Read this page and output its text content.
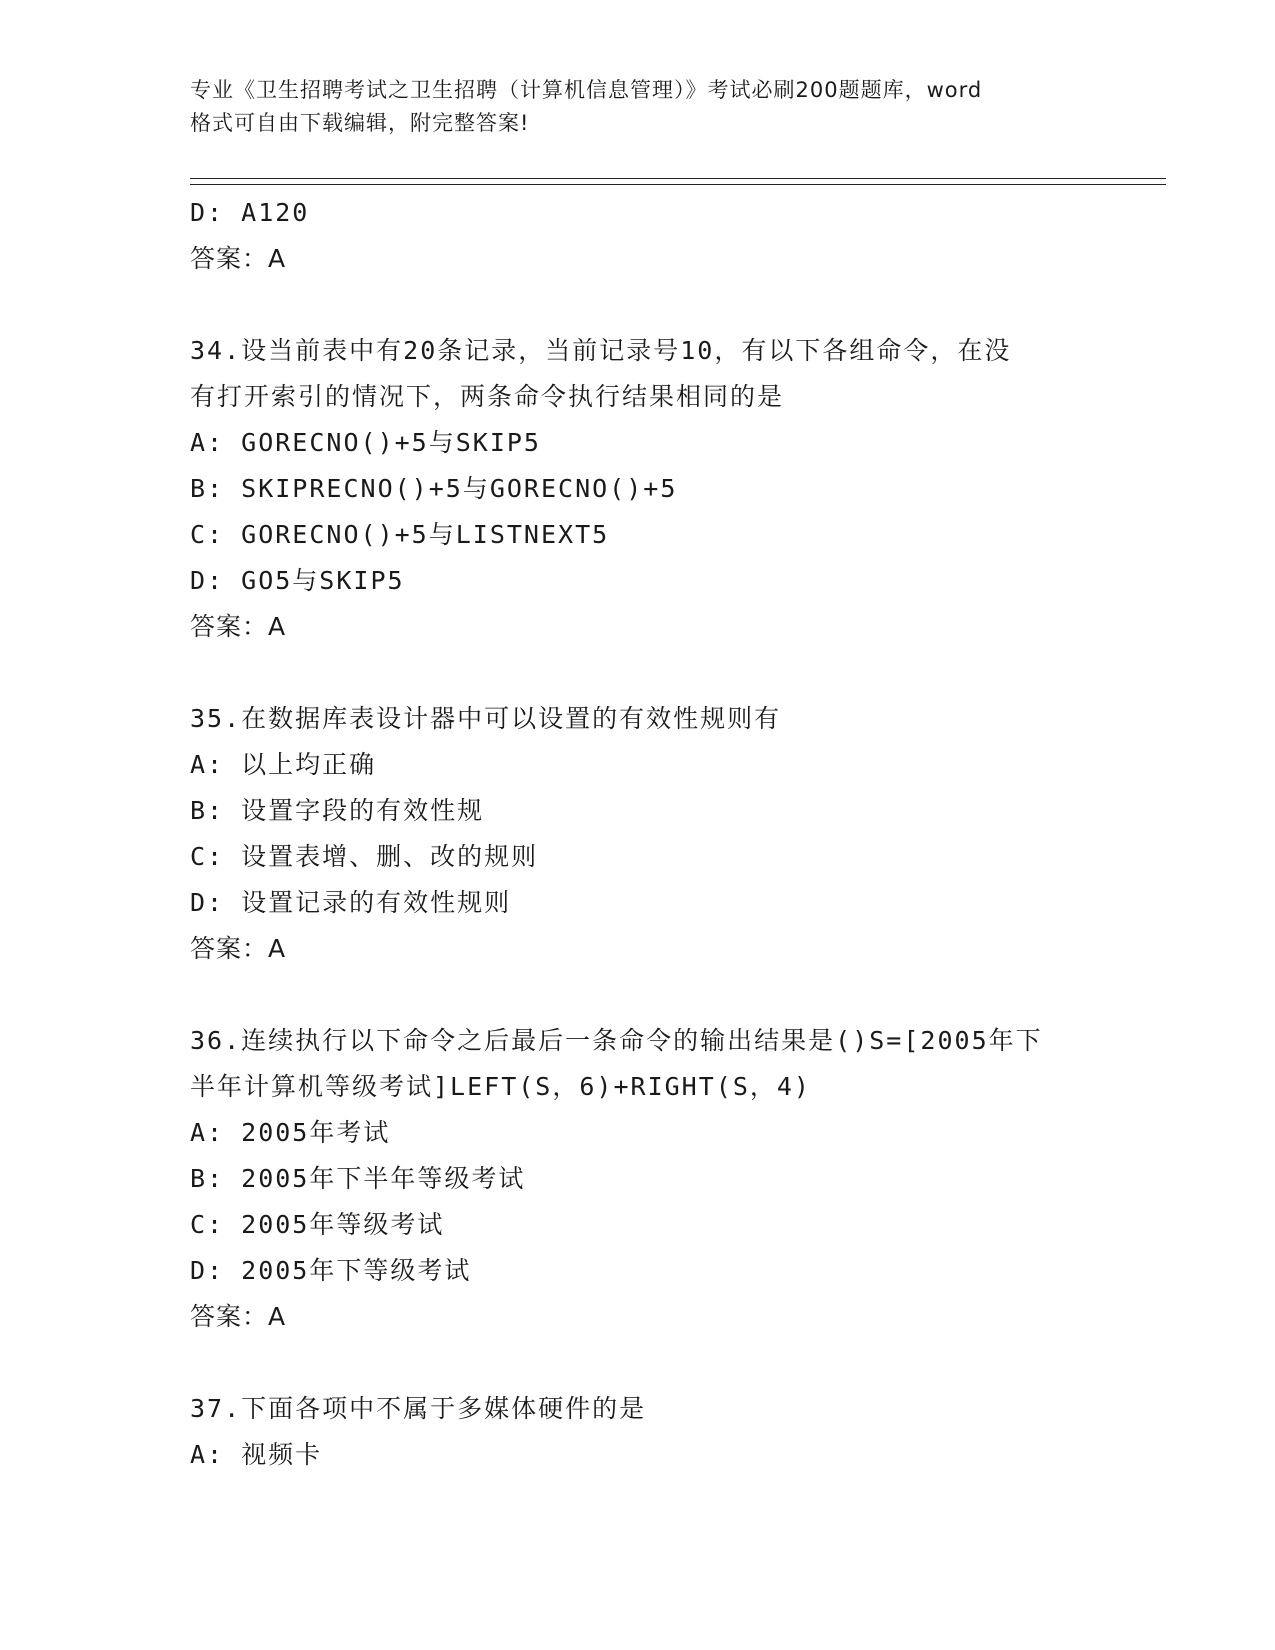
专业《卫生招聘考试之卫生招聘（计算机信息管理）》考试必刷200题题库，word
格式可自由下载编辑，附完整答案!
D: A120
答案：A
34.设当前表中有20条记录，当前记录号10，有以下各组命令，在没
有打开索引的情况下，两条命令执行结果相同的是
A: GORECNO()+5与SKIP5
B: SKIPRECNO()+5与GORECNO()+5
C: GORECNO()+5与LISTNEXT5
D: GO5与SKIP5
答案：A
35.在数据库表设计器中可以设置的有效性规则有
A: 以上均正确
B: 设置字段的有效性规
C: 设置表增、删、改的规则
D: 设置记录的有效性规则
答案：A
36.连续执行以下命令之后最后一条命令的输出结果是()S=[2005年下
半年计算机等级考试]LEFT(S，6)+RIGHT(S，4)
A: 2005年考试
B: 2005年下半年等级考试
C: 2005年等级考试
D: 2005年下等级考试
答案：A
37.下面各项中不属于多媒体硬件的是
A: 视频卡
